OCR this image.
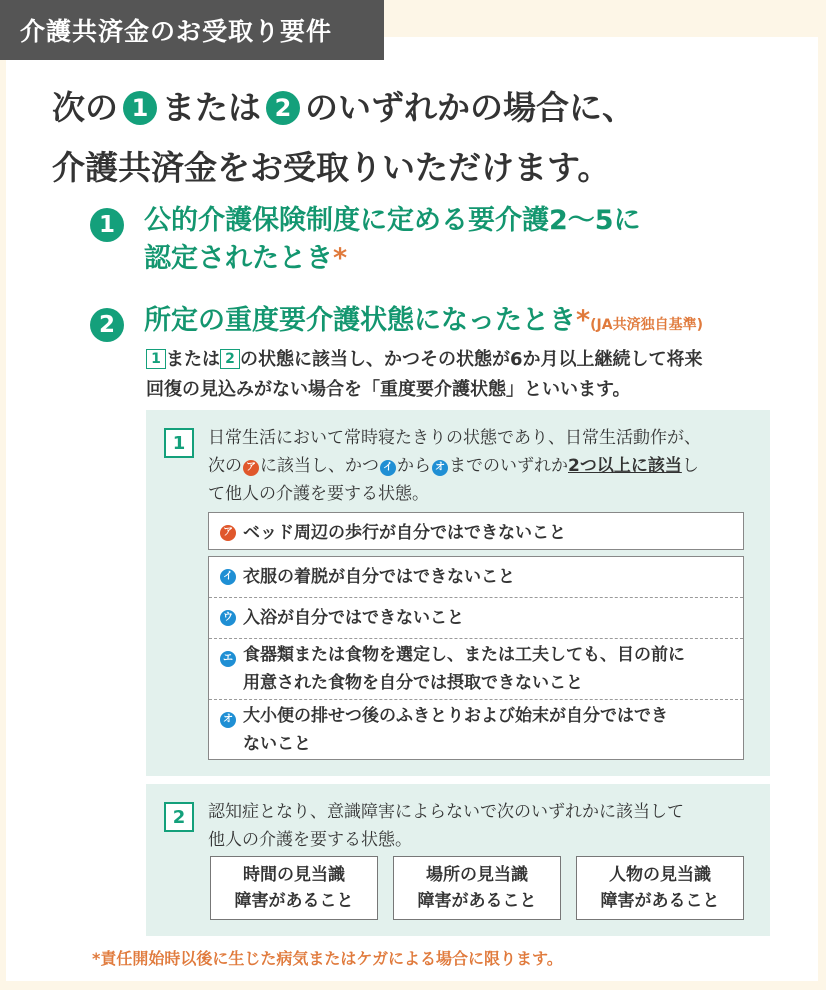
介護共済金のお受取り要件
次の 1 または 2 のいずれかの場合に、
介護共済金をお受取りいただけます。
1	公的介護保険制度に定める要介護2～5に
認定されたとき*
2	所定の重度要介護状態になったとき*(JA共済独自基準)
1 または 2 の状態に該当し、かつその状態が6か月以上継続して将来
回復の見込みがない場合を「重度要介護状態」といいます。
1	日常生活において常時寝たきりの状態であり、日常生活動作が、
次の ア に該当し、かつ イ から オ までのいずれか2つ以上に該当し
て他人の介護を要する状態。
ア ベッド周辺の歩行が自分ではできないこと
イ 衣服の着脱が自分ではできないこと
ウ 入浴が自分ではできないこと
エ 食器類または食物を選定し、または工夫しても、目の前に
用意された食物を自分では摂取できないこと
オ 大小便の排せつ後のふきとりおよび始末が自分ではでき
ないこと
2	認知症となり、意識障害によらないで次のいずれかに該当して
他人の介護を要する状態。
時間の見当識
障害があること
場所の見当識
障害があること
人物の見当識
障害があること
*責任開始時以後に生じた病気またはケガによる場合に限ります。
